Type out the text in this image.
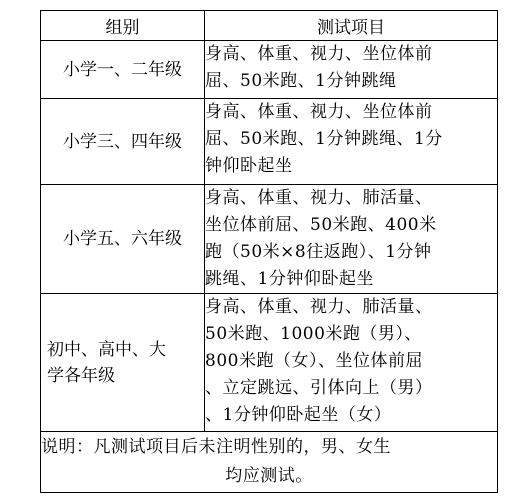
组别	测试项目
小学一、二年级	身高、体重、视力、坐位体前
屈、50米跑、1分钟跳绳

小学三、四年级	身高、体重、视力、坐位体前
屈、50米跑、1分钟跳绳、1分
钟仰卧起坐

小学五、六年级	身高、体重、视力、肺活量、
坐位体前屈、50米跑、400米
跑（50米×8往返跑）、1分钟
跳绳、1分钟仰卧起坐

初中、高中、大
学各年级	身高、体重、视力、肺活量、
50米跑、1000米跑（男）、
800米跑（女）、坐位体前屈
、立定跳远、引体向上（男）
、1分钟仰卧起坐（女）

说明：凡测试项目后未注明性别的，男、女生
均应测试。	
